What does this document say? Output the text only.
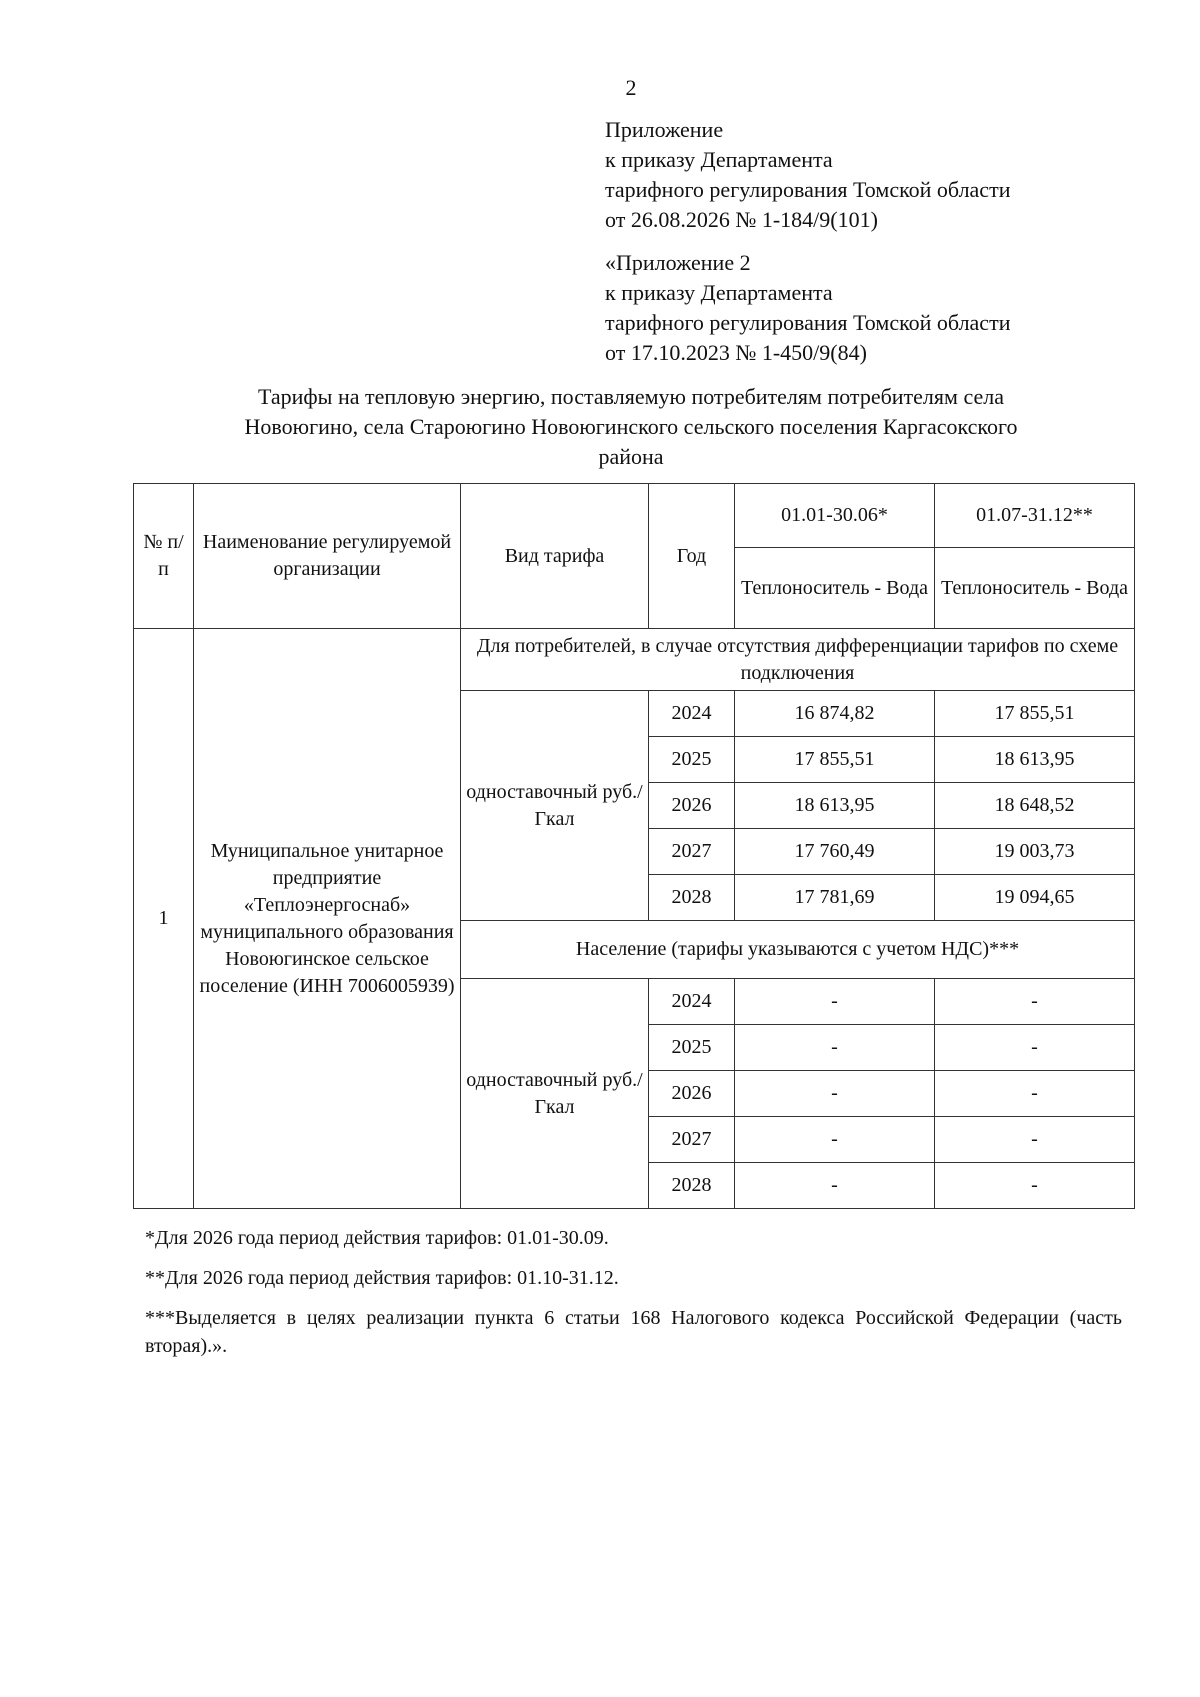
2
Приложение
к приказу Департамента
тарифного регулирования Томской области
от 26.08.2026 № 1-184/9(101)
«Приложение 2
к приказу Департамента
тарифного регулирования Томской области
от 17.10.2023 № 1-450/9(84)
Тарифы на тепловую энергию, поставляемую потребителям потребителям села
Новоюгино, села Староюгино Новоюгинского сельского поселения Каргасокского
района
№ п/п	Наименование регулируемой организации	Вид тарифа	Год	01.01-30.06*	01.07-31.12**
				Теплоноситель - Вода	Теплоноситель - Вода
1	Муниципальное унитарное предприятие «Теплоэнергоснаб» муниципального образования Новоюгинское сельское поселение (ИНН 7006005939)	Для потребителей, в случае отсутствия дифференциации тарифов по схеме подключения			
		одноставочный руб./Гкал	2024	16 874,82	17 855,51
			2025	17 855,51	18 613,95
			2026	18 613,95	18 648,52
			2027	17 760,49	19 003,73
			2028	17 781,69	19 094,65
		Население (тарифы указываются с учетом НДС)***			
		одноставочный руб./Гкал	2024	-	-
			2025	-	-
			2026	-	-
			2027	-	-
			2028	-	-

*Для 2026 года период действия тарифов: 01.01-30.09.

**Для 2026 года период действия тарифов: 01.10-31.12.

***Выделяется в целях реализации пункта 6 статьи 168 Налогового кодекса Российской Федерации (часть вторая).».
